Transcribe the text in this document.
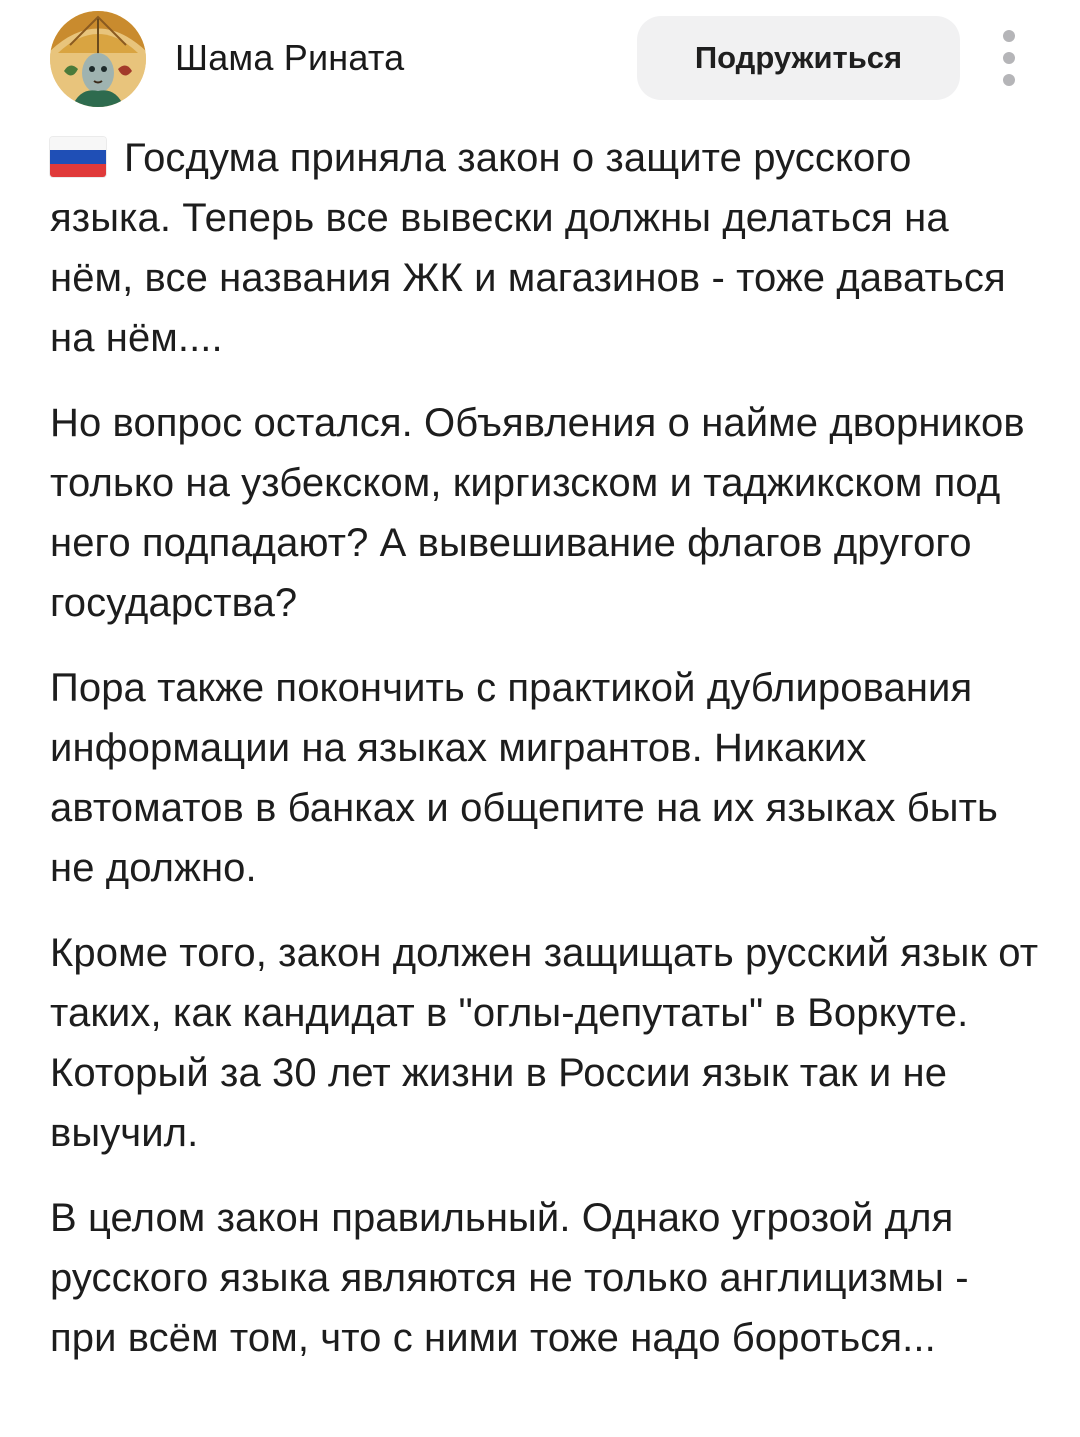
Шама Рината	Подружиться

Госдума приняла закон о защите русского языка. Теперь все вывески должны делаться на нём, все названия ЖК и магазинов - тоже даваться на нём....

Но вопрос остался. Объявления о найме дворников только на узбекском, киргизском и таджикском под него подпадают? А вывешивание флагов другого государства?

Пора также покончить с практикой дублирования информации на языках мигрантов. Никаких автоматов в банках и общепите на их языках быть не должно.

Кроме того, закон должен защищать русский язык от таких, как кандидат в "оглы-депутаты" в Воркуте. Который за 30 лет жизни в России язык так и не выучил.

В целом закон правильный. Однако угрозой для русского языка являются не только англицизмы - при всём том, что с ними тоже надо бороться...
